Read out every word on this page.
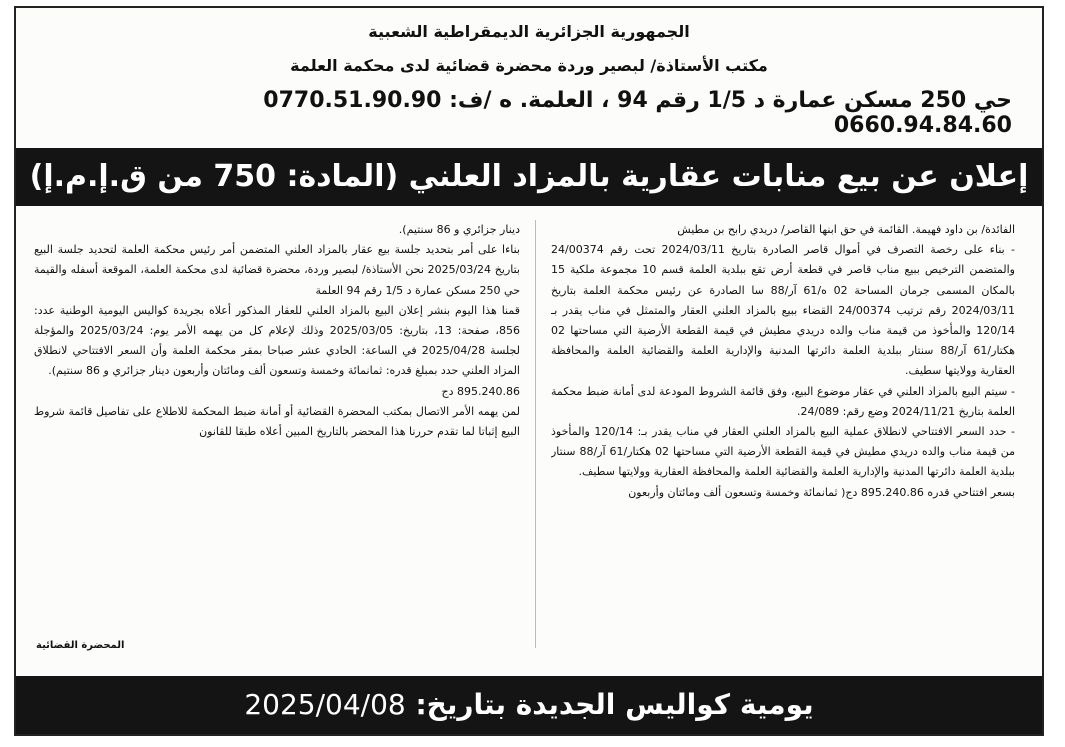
الجمهورية الجزائرية الديمقراطية الشعبية
مكتب الأستاذة/ لبصير وردة محضرة قضائية لدى محكمة العلمة
حي 250 مسكن عمارة د 1/5 رقم 94 ، العلمة. ه /ف: 0770.51.90.90      0660.94.84.60
إعلان عن بيع منابات عقارية بالمزاد العلني (المادة: 750 من ق.إ.م.إ)

الفائدة/ بن داود فهيمة. القائمة في حق ابنها القاصر/ دريدي رابح بن مطيش

- بناء على رخصة التصرف في أموال قاصر الصادرة بتاريخ 2024/03/11 تحت رقم 24/00374 والمتضمن الترخيص ببيع مناب قاصر في قطعة أرض تقع ببلدية العلمة قسم 10 مجموعة ملكية 15 بالمكان المسمى جرمان المساحة 02 ه/61 آر/88 سا الصادرة عن رئيس محكمة العلمة بتاريخ 2024/03/11 رقم ترتيب 24/00374 القضاء ببيع بالمزاد العلني العقار والمتمثل في مناب يقدر بـ 120/14 والمأخوذ من قيمة مناب والده دريدي مطيش في قيمة القطعة الأرضية التي مساحتها 02 هكتار/61 آر/88 سنتار ببلدية العلمة دائرتها المدنية والإدارية العلمة والقضائية العلمة والمحافظة العقارية وولايتها سطيف.

- سيتم البيع بالمزاد العلني في عقار موضوع البيع، وفق قائمة الشروط المودعة لدى أمانة ضبط محكمة العلمة بتاريخ 2024/11/21 وضع رقم: 24/089.

- حدد السعر الافتتاحي لانطلاق عملية البيع بالمزاد العلني العقار في مناب يقدر بـ: 120/14 والمأخوذ من قيمة مناب والده دريدي مطيش في قيمة القطعة الأرضية التي مساحتها 02 هكتار/61 آر/88 سنتار ببلدية العلمة دائرتها المدنية والإدارية العلمة والقضائية العلمة والمحافظة العقارية وولايتها سطيف.

بسعر افتتاحي قدره 895.240.86 دج( ثمانمائة وخمسة وتسعون ألف ومائتان وأربعون

دينار جزائري و 86 سنتيم).

بناءا على أمر بتحديد جلسة بيع عقار بالمزاد العلني المتضمن أمر رئيس محكمة العلمة لتحديد جلسة البيع بتاريخ 2025/03/24 نحن الأستاذة/ لبصير وردة، محضرة قضائية لدى محكمة العلمة، الموقعة أسفله والقيمة حي 250 مسكن عمارة د 1/5 رقم 94 العلمة

قمنا هذا اليوم بنشر إعلان البيع بالمزاد العلني للعقار المذكور أعلاه بجريدة كواليس اليومية الوطنية عدد: 856، صفحة: 13، بتاريخ: 2025/03/05 وذلك لإعلام كل من يهمه الأمر يوم: 2025/03/24 والمؤجلة لجلسة 2025/04/28 في الساعة: الحادي عشر صباحا بمقر محكمة العلمة وأن السعر الافتتاحي لانطلاق المزاد العلني حدد بمبلغ قدره: ثمانمائة وخمسة وتسعون ألف ومائتان وأربعون دينار جزائري و 86 سنتيم).

895.240.86 دج

لمن يهمه الأمر الاتصال بمكتب المحضرة القضائية أو أمانة ضبط المحكمة للاطلاع على تفاصيل قائمة شروط البيع إثباتا لما تقدم حررنا هذا المحضر بالتاريخ المبين أعلاه طبقا للقانون

المحضرة القضائية
يومية كواليس الجديدة بتاريخ: 2025/04/08
